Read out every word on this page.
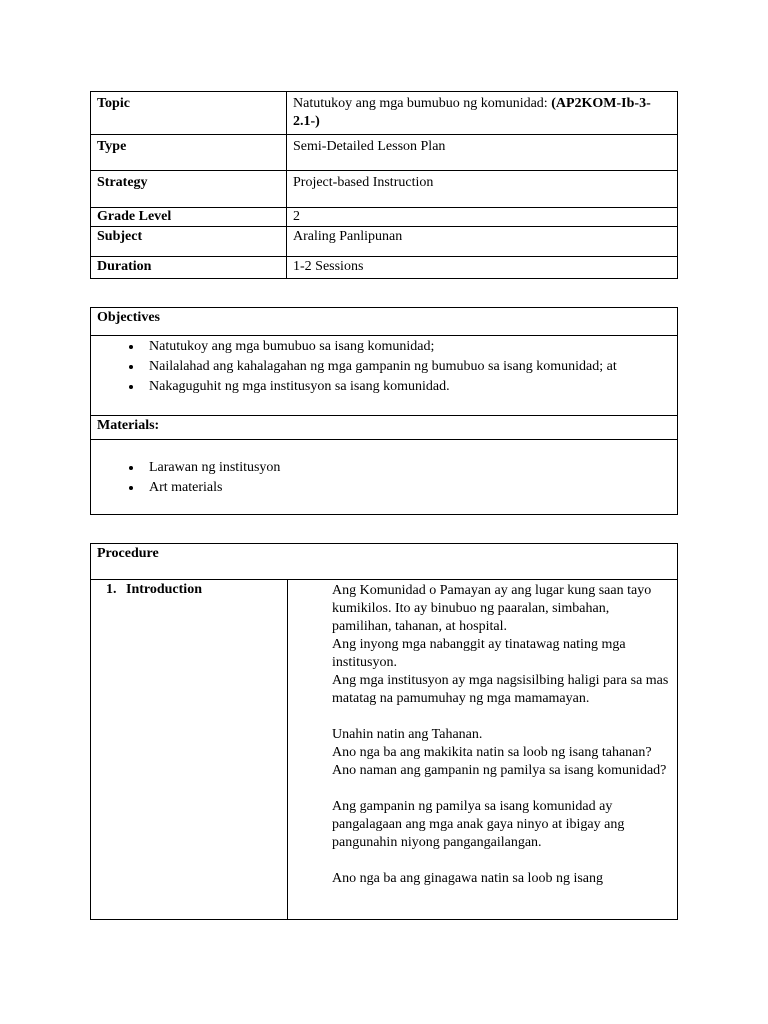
Topic	Natutukoy ang mga bumubuo ng komunidad: (AP2KOM-Ib-3-2.1-)
Type	Semi-Detailed Lesson Plan
Strategy	Project-based Instruction
Grade Level	2
Subject	Araling Panlipunan
Duration	1-2 Sessions
Objectives

• Natutukoy ang mga bumubuo sa isang komunidad;
• Nailalahad ang kahalagahan ng mga gampanin ng bumubuo sa isang komunidad; at
• Nakaguguhit ng mga institusyon sa isang komunidad.

Materials:

• Larawan ng institusyon
• Art materials
Procedure

1. Introduction	Ang Komunidad o Pamayan ay ang lugar kung saan tayo kumikilos. Ito ay binubuo ng paaralan, simbahan, pamilihan, tahanan, at hospital.

Ang inyong mga nabanggit ay tinatawag nating mga institusyon.

Ang mga institusyon ay mga nagsisilbing haligi para sa mas matatag na pamumuhay ng mga mamamayan.

Unahin natin ang Tahanan.

Ano nga ba ang makikita natin sa loob ng isang tahanan?

Ano naman ang gampanin ng pamilya sa isang komunidad?

Ang gampanin ng pamilya sa isang komunidad ay pangalagaan ang mga anak gaya ninyo at ibigay ang pangunahin niyong pangangailangan.

Ano nga ba ang ginagawa natin sa loob ng isang
